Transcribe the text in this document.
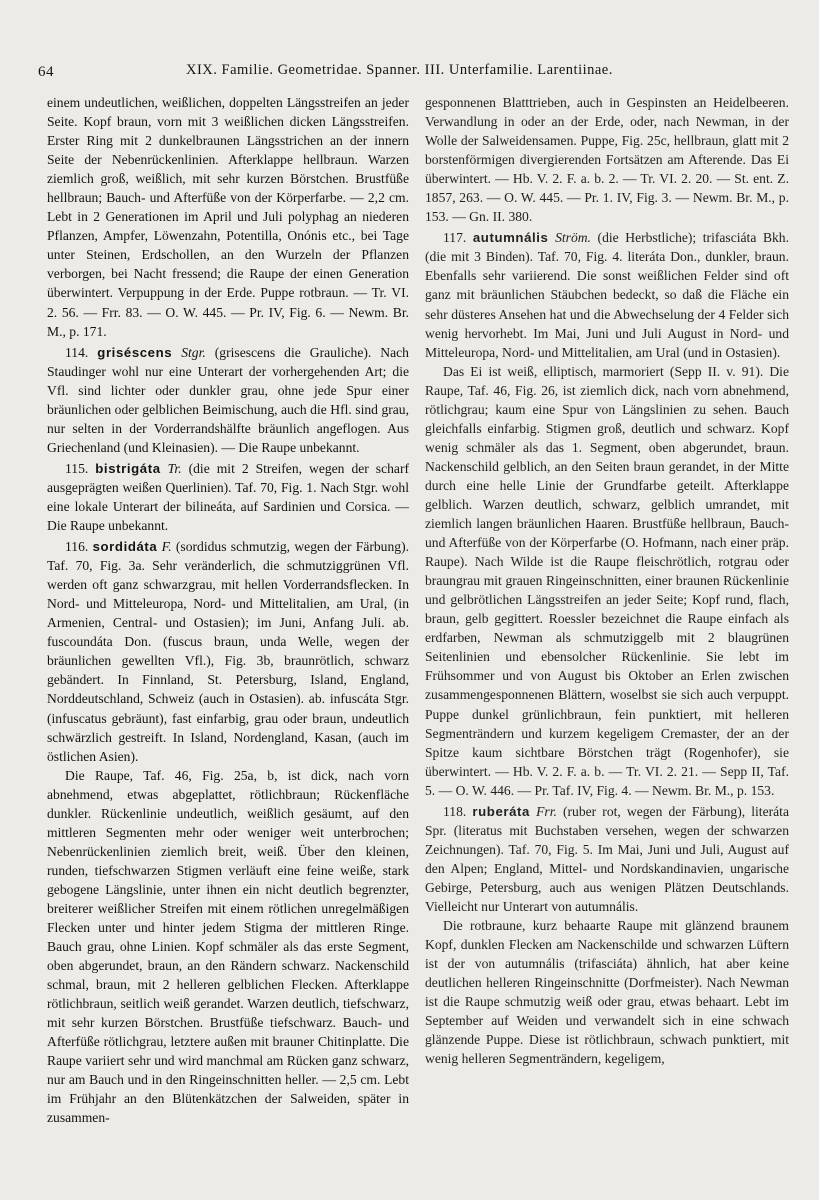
64	XIX. Familie. Geometridae. Spanner. III. Unterfamilie. Larentiinae.

einem undeutlichen, weißlichen, doppelten Längsstreifen an jeder Seite. Kopf braun, vorn mit 3 weißlichen dicken Längsstreifen. Erster Ring mit 2 dunkelbraunen Längsstrichen an der innern Seite der Nebenrückenlinien. Afterklappe hellbraun. Warzen ziemlich groß, weißlich, mit sehr kurzen Börstchen. Brustfüße hellbraun; Bauch- und Afterfüße von der Körperfarbe. — 2,2 cm. Lebt in 2 Generationen im April und Juli polyphag an niederen Pflanzen, Ampfer, Löwenzahn, Potentilla, Onónis etc., bei Tage unter Steinen, Erdschollen, an den Wurzeln der Pflanzen verborgen, bei Nacht fressend; die Raupe der einen Generation überwintert. Verpuppung in der Erde. Puppe rotbraun. — Tr. VI. 2. 56. — Frr. 83. — O. W. 445. — Pr. IV, Fig. 6. — Newm. Br. M., p. 171.

114. griséscens Stgr. (grisescens die Grauliche). Nach Staudinger wohl nur eine Unterart der vorhergehenden Art; die Vfl. sind lichter oder dunkler grau, ohne jede Spur einer bräunlichen oder gelblichen Beimischung, auch die Hfl. sind grau, nur selten in der Vorderrandshälfte bräunlich angeflogen. Aus Griechenland (und Kleinasien). — Die Raupe unbekannt.

115. bistrigáta Tr. (die mit 2 Streifen, wegen der scharf ausgeprägten weißen Querlinien). Taf. 70, Fig. 1. Nach Stgr. wohl eine lokale Unterart der bilineáta, auf Sardinien und Corsica. — Die Raupe unbekannt.

116. sordidáta F. (sordidus schmutzig, wegen der Färbung). Taf. 70, Fig. 3a. Sehr veränderlich, die schmutziggrünen Vfl. werden oft ganz schwarzgrau, mit hellen Vorderrandsflecken. In Nord- und Mitteleuropa, Nord- und Mittelitalien, am Ural, (in Armenien, Central- und Ostasien); im Juni, Anfang Juli. ab. fuscoundáta Don. (fuscus braun, unda Welle, wegen der bräunlichen gewellten Vfl.), Fig. 3b, braunrötlich, schwarz gebändert. In Finnland, St. Petersburg, Island, England, Norddeutschland, Schweiz (auch in Ostasien). ab. infuscáta Stgr. (infuscatus gebräunt), fast einfarbig, grau oder braun, undeutlich schwärzlich gestreift. In Island, Nordengland, Kasan, (auch im östlichen Asien).

Die Raupe, Taf. 46, Fig. 25a, b, ist dick, nach vorn abnehmend, etwas abgeplattet, rötlichbraun; Rückenfläche dunkler. Rückenlinie undeutlich, weißlich gesäumt, auf den mittleren Segmenten mehr oder weniger weit unterbrochen; Nebenrückenlinien ziemlich breit, weiß. Über den kleinen, runden, tiefschwarzen Stigmen verläuft eine feine weiße, stark gebogene Längslinie, unter ihnen ein nicht deutlich begrenzter, breiterer weißlicher Streifen mit einem rötlichen unregelmäßigen Flecken unter und hinter jedem Stigma der mittleren Ringe. Bauch grau, ohne Linien. Kopf schmäler als das erste Segment, oben abgerundet, braun, an den Rändern schwarz. Nackenschild schmal, braun, mit 2 helleren gelblichen Flecken. Afterklappe rötlichbraun, seitlich weiß gerandet. Warzen deutlich, tiefschwarz, mit sehr kurzen Börstchen. Brustfüße tiefschwarz. Bauch- und Afterfüße rötlichgrau, letztere außen mit brauner Chitinplatte. Die Raupe variiert sehr und wird manchmal am Rücken ganz schwarz, nur am Bauch und in den Ringeinschnitten heller. — 2,5 cm. Lebt im Frühjahr an den Blütenkätzchen der Salweiden, später in zusammen-

gesponnenen Blatttrieben, auch in Gespinsten an Heidelbeeren. Verwandlung in oder an der Erde, oder, nach Newman, in der Wolle der Salweidensamen. Puppe, Fig. 25c, hellbraun, glatt mit 2 borstenförmigen divergierenden Fortsätzen am Afterende. Das Ei überwintert. — Hb. V. 2. F. a. b. 2. — Tr. VI. 2. 20. — St. ent. Z. 1857, 263. — O. W. 445. — Pr. 1. IV, Fig. 3. — Newm. Br. M., p. 153. — Gn. II. 380.

117. autumnális Ström. (die Herbstliche); trifasciáta Bkh. (die mit 3 Binden). Taf. 70, Fig. 4. literáta Don., dunkler, braun. Ebenfalls sehr variierend. Die sonst weißlichen Felder sind oft ganz mit bräunlichen Stäubchen bedeckt, so daß die Fläche ein sehr düsteres Ansehen hat und die Abwechselung der 4 Felder sich wenig hervorhebt. Im Mai, Juni und Juli August in Nord- und Mitteleuropa, Nord- und Mittelitalien, am Ural (und in Ostasien).

Das Ei ist weiß, elliptisch, marmoriert (Sepp II. v. 91). Die Raupe, Taf. 46, Fig. 26, ist ziemlich dick, nach vorn abnehmend, rötlichgrau; kaum eine Spur von Längslinien zu sehen. Bauch gleichfalls einfarbig. Stigmen groß, deutlich und schwarz. Kopf wenig schmäler als das 1. Segment, oben abgerundet, braun. Nackenschild gelblich, an den Seiten braun gerandet, in der Mitte durch eine helle Linie der Grundfarbe geteilt. Afterklappe gelblich. Warzen deutlich, schwarz, gelblich umrandet, mit ziemlich langen bräunlichen Haaren. Brustfüße hellbraun, Bauch- und Afterfüße von der Körperfarbe (O. Hofmann, nach einer präp. Raupe). Nach Wilde ist die Raupe fleischrötlich, rotgrau oder braungrau mit grauen Ringeinschnitten, einer braunen Rückenlinie und gelbrötlichen Längsstreifen an jeder Seite; Kopf rund, flach, braun, gelb gegittert. Roessler bezeichnet die Raupe einfach als erdfarben, Newman als schmutziggelb mit 2 blaugrünen Seitenlinien und ebensolcher Rückenlinie. Sie lebt im Frühsommer und von August bis Oktober an Erlen zwischen zusammengesponnenen Blättern, woselbst sie sich auch verpuppt. Puppe dunkel grünlichbraun, fein punktiert, mit helleren Segmenträndern und kurzem kegeligem Cremaster, der an der Spitze kaum sichtbare Börstchen trägt (Rogenhofer), sie überwintert. — Hb. V. 2. F. a. b. — Tr. VI. 2. 21. — Sepp II, Taf. 5. — O. W. 446. — Pr. Taf. IV, Fig. 4. — Newm. Br. M., p. 153.

118. ruberáta Frr. (ruber rot, wegen der Färbung), literáta Spr. (literatus mit Buchstaben versehen, wegen der schwarzen Zeichnungen). Taf. 70, Fig. 5. Im Mai, Juni und Juli, August auf den Alpen; England, Mittel- und Nordskandinavien, ungarische Gebirge, Petersburg, auch aus wenigen Plätzen Deutschlands. Vielleicht nur Unterart von autumnális.

Die rotbraune, kurz behaarte Raupe mit glänzend braunem Kopf, dunklen Flecken am Nackenschilde und schwarzen Lüftern ist der von autumnális (trifasciáta) ähnlich, hat aber keine deutlichen helleren Ringeinschnitte (Dorfmeister). Nach Newman ist die Raupe schmutzig weiß oder grau, etwas behaart. Lebt im September auf Weiden und verwandelt sich in eine schwach glänzende Puppe. Diese ist rötlichbraun, schwach punktiert, mit wenig helleren Segmenträndern, kegeligem,
